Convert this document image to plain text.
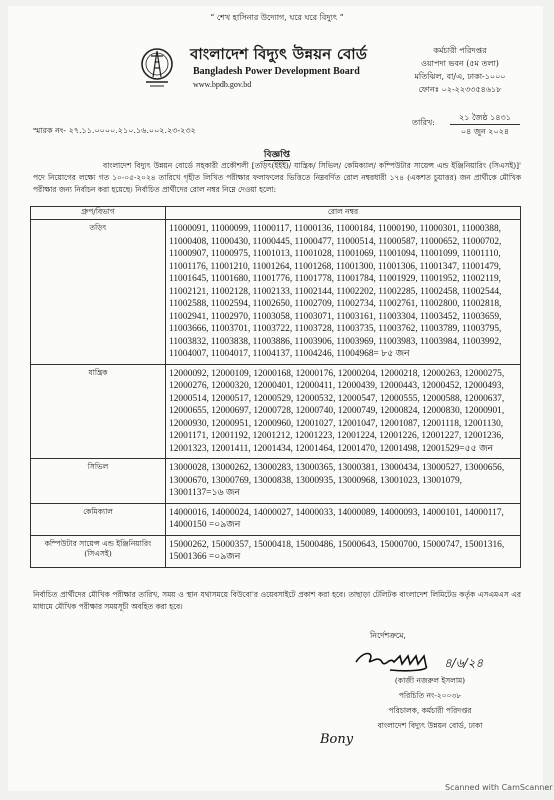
“ শেখ হাসিনার উদ্যোগ, ঘরে ঘরে বিদ্যুৎ ”
বাংলাদেশ বিদ্যুৎ উন্নয়ন বোর্ড
Bangladesh Power Development Board
www.bpdb.gov.bd
কর্মচারী পরিদপ্তর
ওয়াপদা ভবন (৫ম তলা)
মতিঝিল, বা/এ, ঢাকা-১০০০
ফোনঃ ০২-২২৩৩৫৪৬১৮
স্মারক নং- ২৭.১১.০০০০.২১০.১৬.০০২.২৩-২৩২
তারিখ:
২১ জৈষ্ঠ ১৪৩১
০৪ জুন ২০২৪
বিজ্ঞপ্তি
বাংলাদেশ বিদ্যুৎ উন্নয়ন বোর্ডে সহকারী প্রকৌশলী [তড়িৎ(ইইই)/ যান্ত্রিক/ সিভিল/ কেমিক্যাল/ কম্পিউটার সায়েন্স এন্ড ইঞ্জিনিয়ারিং (সিএসই)]' পদে নিয়োগের লক্ষ্যে গত ১০-০৫-২০২৪ তারিখে গৃহীত লিখিত পরীক্ষার ফলাফলের ভিত্তিতে নিম্নবর্ণিত রোল নম্বরধারী ১৭৪ (একশত চুয়াত্তর) জন প্রার্থীকে মৌখিক পরীক্ষার জন্য নির্বাচন করা হয়েছে। নির্বাচিত প্রার্থীদের রোল নম্বর নিম্নে দেওয়া হলো:
গ্রুপ/বিভাগ	রোল নম্বর
তড়িৎ	11000091, 11000099, 11000117, 11000136, 11000184, 11000190, 11000301, 11000388, 11000408, 11000430, 11000445, 11000477, 11000514, 11000587, 11000652, 11000702, 11000907, 11000975, 11001013, 11001028, 11001069, 11001094, 11001099, 11001110, 11001176, 11001210, 11001264, 11001268, 11001300, 11001306, 11001347, 11001479, 11001645, 11001680, 11001776, 11001778, 11001784, 11001929, 11001952, 11002119, 11002121, 11002128, 11002133, 11002144, 11002202, 11002285, 11002458, 11002544, 11002588, 11002594, 11002650, 11002709, 11002734, 11002761, 11002800, 11002818, 11002941, 11002970, 11003058, 11003071, 11003161, 11003304, 11003452, 11003659, 11003666, 11003701, 11003722, 11003728, 11003735, 11003762, 11003789, 11003795, 11003832, 11003838, 11003886, 11003906, 11003969, 11003983, 11003984, 11003992, 11004007, 11004017, 11004137, 11004246, 11004968= ৮৫ জন
যান্ত্রিক	12000092, 12000109, 12000168, 12000176, 12000204, 12000218, 12000263, 12000275, 12000276, 12000320, 12000401, 12000411, 12000439, 12000443, 12000452, 12000493, 12000514, 12000517, 12000529, 12000532, 12000547, 12000555, 12000588, 12000637, 12000655, 12000697, 12000728, 12000740, 12000749, 12000824, 12000830, 12000901, 12000930, 12000951, 12000960, 12001027, 12001047, 12001087, 12001118, 12001130, 12001171, 12001192, 12001212, 12001223, 12001224, 12001226, 12001227, 12001236, 12001323, 12001411, 12001434, 12001464, 12001470, 12001498, 12001529=৫৫ জন
সিভিল	13000028, 13000262, 13000283, 13000365, 13000381, 13000434, 13000527, 13000656, 13000670, 13000769, 13000838, 13000935, 13000968, 13001023, 13001079, 13001137=১৬ জন
কেমিক্যাল	14000016, 14000024, 14000027, 14000033, 14000089, 14000093, 14000101, 14000117, 14000150 =০৯জন
কম্পিউটার সায়েন্স এন্ড ইঞ্জিনিয়ারিং (সিএসই)	15000262, 15000357, 15000418, 15000486, 15000643, 15000700, 15000747, 15001316, 15001366 =০৯জন
নির্বাচিত প্রার্থীদের মৌখিক পরীক্ষার তারিখ, সময় ও স্থান যথাসময়ে বিউবো'র ওয়েবসাইটে প্রকাশ করা হবে। তাছাড়া টেলিটক বাংলাদেশ লিমিটেড কর্তৃক এসএমএস এর মাধ্যমে মৌখিক পরীক্ষার সময়সূচী অবহিত করা হবে।
নির্দেশক্রমে,
৪/৬/২৪
(কাজী নজরুল ইসলাম)
পরিচিতি নং-২০০৩৮
পরিচালক, কর্মচারী পরিদপ্তর
বাংলাদেশ বিদ্যুৎ উন্নয়ন বোর্ড, ঢাকা
Bony
Scanned with CamScanner
